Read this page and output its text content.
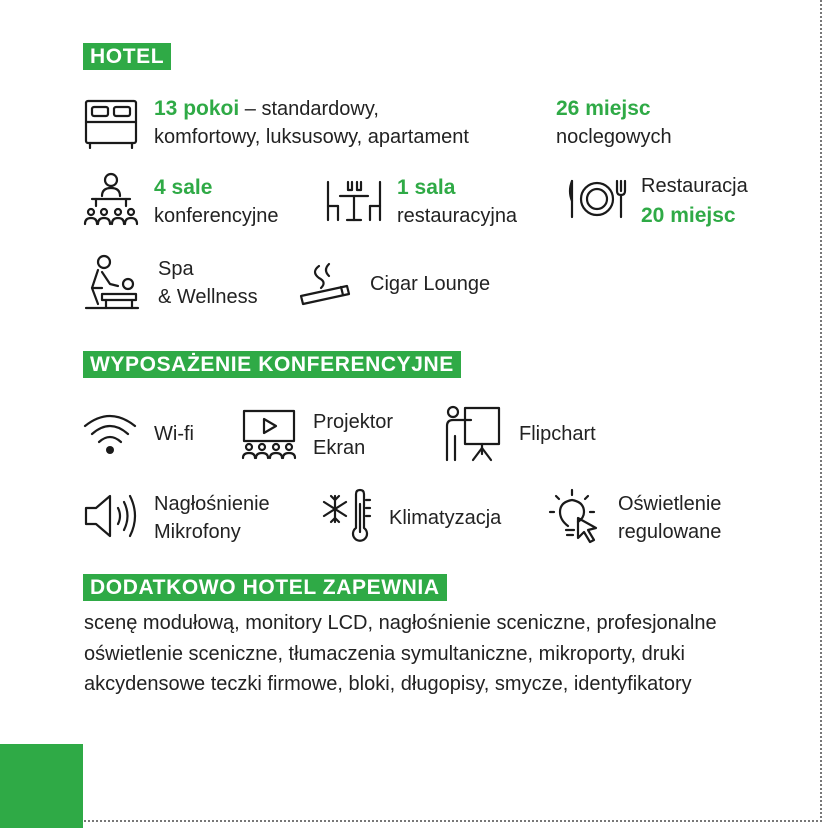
HOTEL
13 pokoi – standardowy,
komfortowy, luksusowy, apartament
26 miejsc
noclegowych
4 sale
konferencyjne
1 sala
restauracyjna
Restauracja
20 miejsc
Spa
& Wellness
Cigar Lounge
WYPOSAŻENIE KONFERENCYJNE
Wi-fi
Projektor
Ekran
Flipchart
Nagłośnienie
Mikrofony
Klimatyzacja
Oświetlenie
regulowane
DODATKOWO HOTEL ZAPEWNIA
scenę modułową, monitory LCD, nagłośnienie sceniczne, profesjonalne oświetlenie sceniczne, tłumaczenia symultaniczne, mikroporty, druki akcydensowe teczki firmowe, bloki, długopisy, smycze, identyfikatory
